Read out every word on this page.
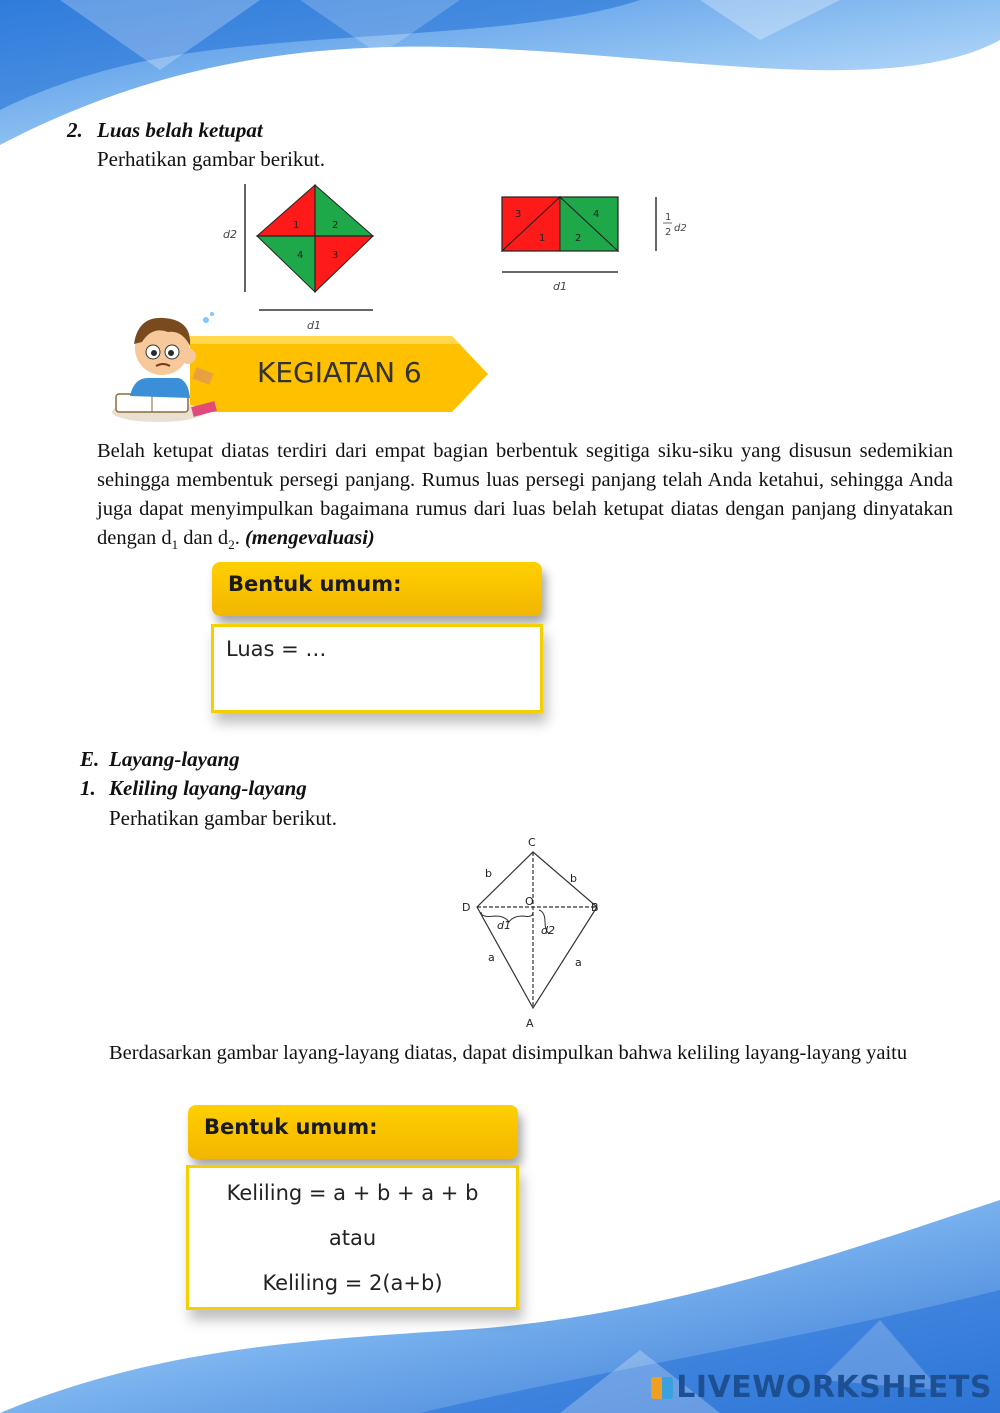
2. Luas belah ketupat
Perhatikan gambar berikut.
d2
1	2
4	3
d1
3	4
1	2
1
2 d2
d1
KEGIATAN 6
Belah ketupat diatas terdiri dari empat bagian berbentuk segitiga siku-siku yang disusun sedemikian sehingga membentuk persegi panjang. Rumus luas persegi panjang telah Anda ketahui, sehingga Anda juga dapat menyimpulkan bagaimana rumus dari luas belah ketupat diatas dengan panjang dinyatakan dengan $d_1$ dan $d_2$. (mengevaluasi)
Bentuk umum:
Luas = …
E. Layang-layang
1. Keliling layang-layang
Perhatikan gambar berikut.
C
B
A
D	O
b	b
a	a
d1	d2
Berdasarkan gambar layang-layang diatas, dapat disimpulkan bahwa keliling layang-layang yaitu
Bentuk umum:
Keliling = a + b + a + b
atau
Keliling = 2(a+b)
LIVEWORKSHEETS
